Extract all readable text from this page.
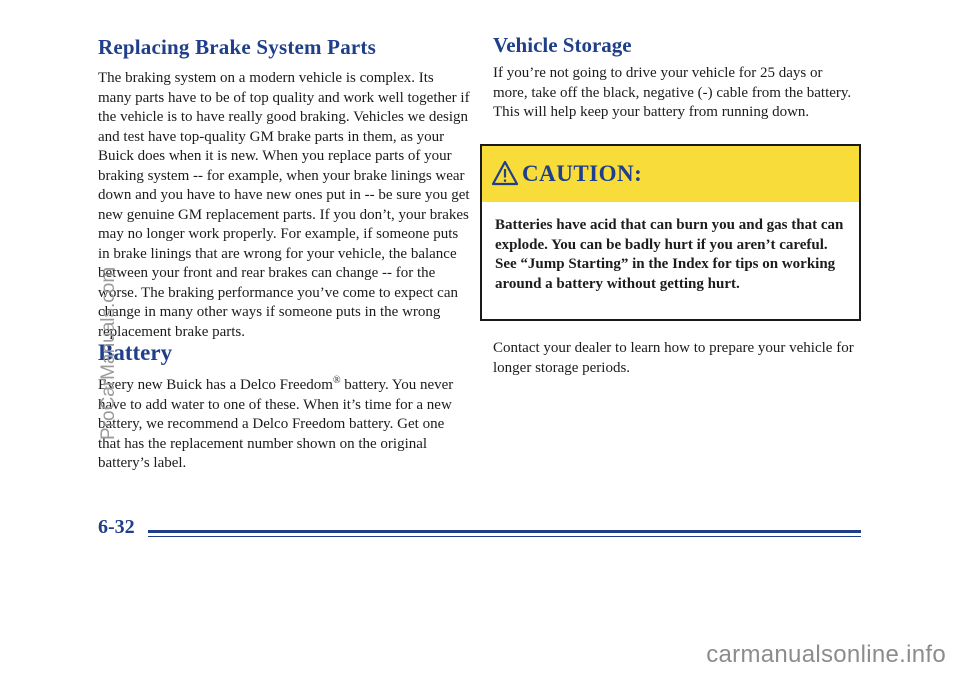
Replacing Brake System Parts

The braking system on a modern vehicle is complex. Its many parts have to be of top quality and work well together if the vehicle is to have really good braking. Vehicles we design and test have top-quality GM brake parts in them, as your Buick does when it is new. When you replace parts of your braking system -- for example, when your brake linings wear down and you have to have new ones put in -- be sure you get new genuine GM replacement parts. If you don’t, your brakes may no longer work properly. For example, if someone puts in brake linings that are wrong for your vehicle, the balance between your front and rear brakes can change -- for the worse. The braking performance you’ve come to expect can change in many other ways if someone puts in the wrong replacement brake parts.

Battery

Every new Buick has a Delco Freedom® battery. You never have to add water to one of these. When it’s time for a new battery, we recommend a Delco Freedom battery. Get one that has the replacement number shown on the original battery’s label.

Vehicle Storage

If you’re not going to drive your vehicle for 25 days or more, take off the black, negative (-) cable from the battery. This will help keep your battery from running down.

CAUTION:

Batteries have acid that can burn you and gas that can explode. You can be badly hurt if you aren’t careful. See “Jump Starting” in the Index for tips on working around a battery without getting hurt.

Contact your dealer to learn how to prepare your vehicle for longer storage periods.

6-32
ProCarManuals.com
carmanualsonline.info
